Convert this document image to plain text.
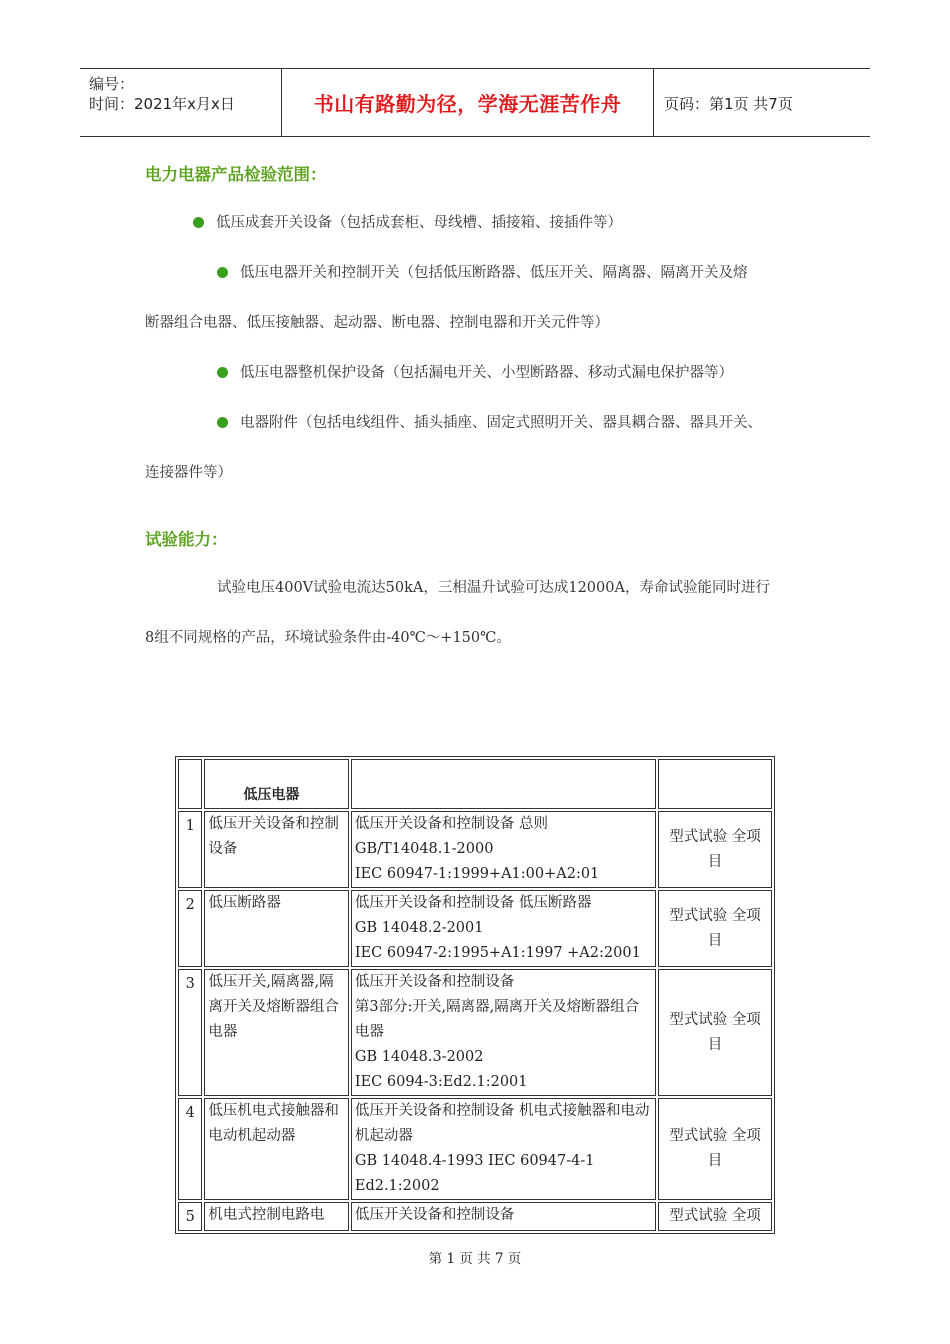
编号：
时间：2021年x月x日	书山有路勤为径，学海无涯苦作舟	页码：第1页 共7页
电力电器产品检验范围：
低压成套开关设备（包括成套柜、母线槽、插接箱、接插件等）
低压电器开关和控制开关（包括低压断路器、低压开关、隔离器、隔离开关及熔
断器组合电器、低压接触器、起动器、断电器、控制电器和开关元件等）
低压电器整机保护设备（包括漏电开关、小型断路器、移动式漏电保护器等）
电器附件（包括电线组件、插头插座、固定式照明开关、器具耦合器、器具开关、
连接器件等）
试验能力：
试验电压400V试验电流达50kA，三相温升试验可达成12000A，寿命试验能同时进行
8组不同规格的产品，环境试验条件由-40℃～+150℃。
	低压电器		
1	低压开关设备和控制设备	低压开关设备和控制设备 总则
GB/T14048.1-2000
IEC 60947-1:1999+A1:00+A2:01	型式试验 全项目
2	低压断路器	低压开关设备和控制设备 低压断路器
GB 14048.2-2001
IEC 60947-2:1995+A1:1997 +A2:2001	型式试验 全项目
3	低压开关,隔离器,隔离开关及熔断器组合电器	低压开关设备和控制设备
第3部分:开关,隔离器,隔离开关及熔断器组合电器
GB 14048.3-2002
IEC 6094-3:Ed2.1:2001	型式试验 全项目
4	低压机电式接触器和电动机起动器	低压开关设备和控制设备 机电式接触器和电动机起动器
GB 14048.4-1993 IEC 60947-4-1
Ed2.1:2002	型式试验 全项目
5	机电式控制电路电	低压开关设备和控制设备	型式试验 全项
第 1 页 共 7 页
